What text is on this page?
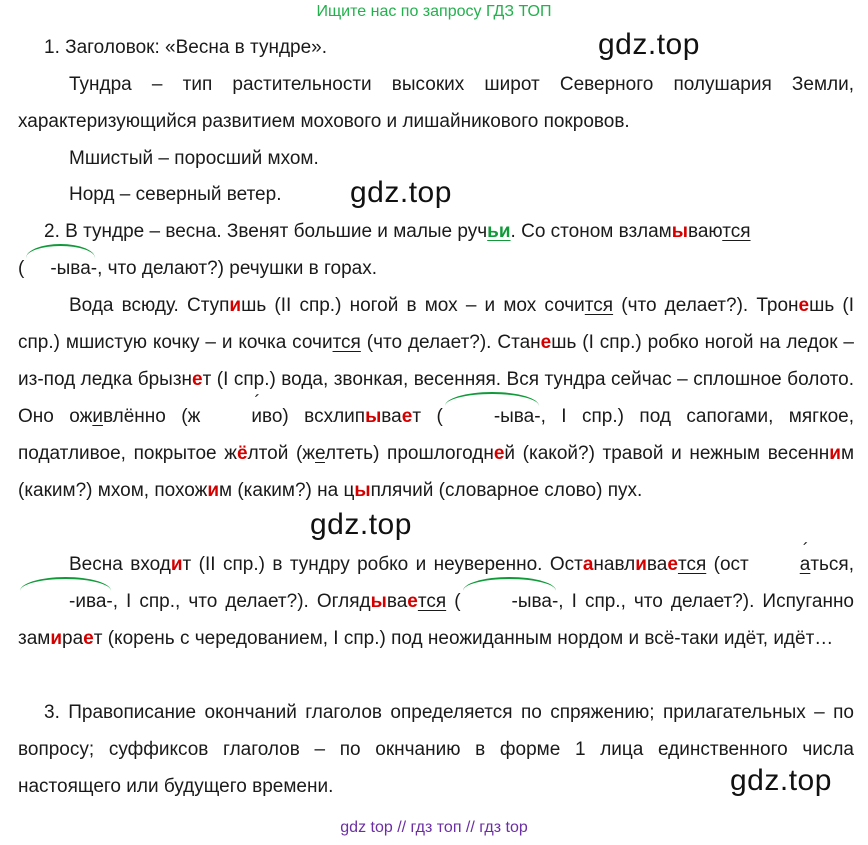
Ищите нас по запросу ГДЗ ТОП
gdz.top
gdz.top
gdz.top
gdz.top

1. Заголовок: «Весна в тундре».

Тундра – тип растительности высоких широт Северного полушария Земли, характеризующийся развитием мохового и лишайникового покровов.

Мшистый – поросший мхом.

Норд – северный ветер.

2. В тундре – весна. Звенят большие и малые ручьи. Со стоном взламываются
( -ыва-, что делают?) речушки в горах.

Вода всюду. Ступишь (II спр.) ногой в мох – и мох сочится (что делает?). Тронешь (I спр.) мшистую кочку – и кочка сочится (что делает?). Станешь (I спр.) робко ногой на ледок – из-под ледка брызнет (I спр.) вода, звонкая, весенняя. Вся тундра сейчас – сплошное болото. Оно оживлённо (ж	и ´во) всхлипывает (	-ыва-, I спр.) под сапогами, мягкое, податливое, покрытое жёлтой (желтеть) прошлогодней (какой?) травой и нежным весенним (каким?) мхом, похожим (каким?) на цыплячий (словарное слово) пух.

Весна входит (II спр.) в тундру робко и неуверенно. Останавливается (ост	а ´ться, -ива-, I спр., что делает?). Оглядывается (	-ыва-, I спр., что делает?). Испуганно замирает (корень с чередованием, I спр.) под неожиданным нордом и всё-таки идёт, идёт…

3. Правописание окончаний глаголов определяется по спряжению; прилагательных – по вопросу; суффиксов глаголов – по окнчанию в форме 1 лица единственного числа настоящего или будущего времени.

gdz top // гдз топ // гдз top
